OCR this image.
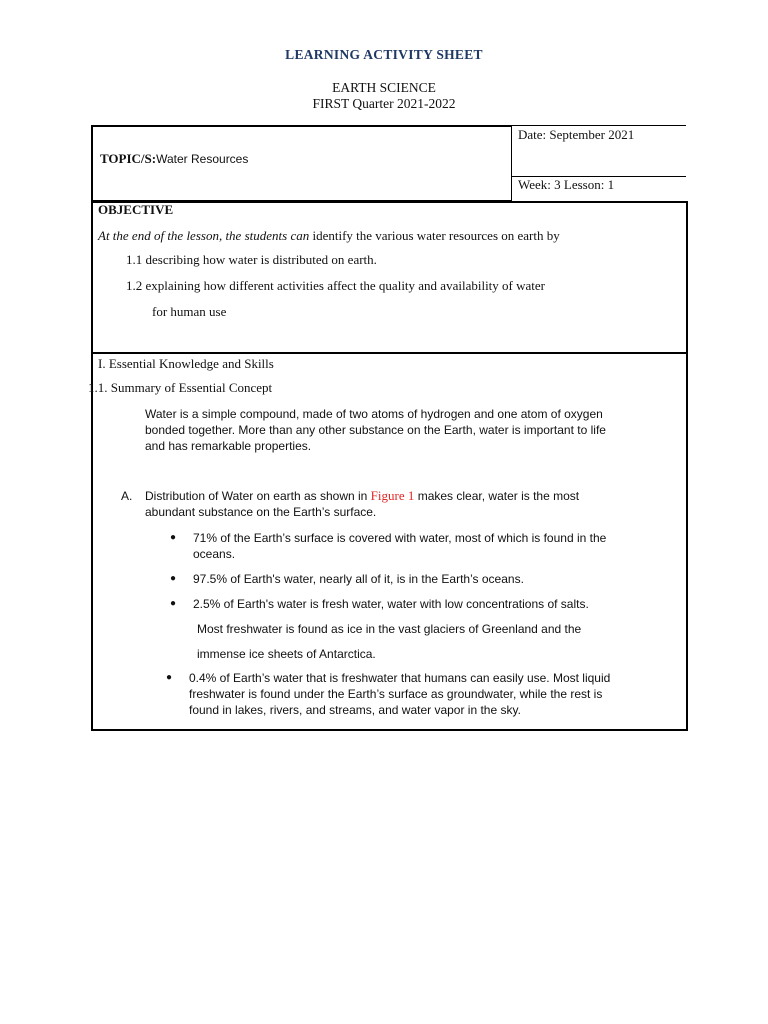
LEARNING ACTIVITY SHEET
EARTH SCIENCE
FIRST Quarter 2021-2022
TOPIC/S:Water Resources
Date: September 2021
Week: 3 Lesson: 1
OBJECTIVE
At the end of the lesson, the students can identify the various water resources on earth by
1.1 describing how water is distributed on earth.
1.2 explaining how different activities affect the quality and availability of water
for human use
I. Essential Knowledge and Skills
1.1. Summary of Essential Concept
Water is a simple compound, made of two atoms of hydrogen and one atom of oxygen
bonded together. More than any other substance on the Earth, water is important to life
and has remarkable properties.
A. Distribution of Water on earth as shown in Figure 1 makes clear, water is the most
abundant substance on the Earth’s surface.
● 71% of the Earth’s surface is covered with water, most of which is found in the
oceans.
● 97.5% of Earth's water, nearly all of it, is in the Earth’s oceans.
● 2.5% of Earth's water is fresh water, water with low concentrations of salts.
Most freshwater is found as ice in the vast glaciers of Greenland and the
immense ice sheets of Antarctica.
● 0.4% of Earth’s water that is freshwater that humans can easily use. Most liquid
freshwater is found under the Earth’s surface as groundwater, while the rest is
found in lakes, rivers, and streams, and water vapor in the sky.
